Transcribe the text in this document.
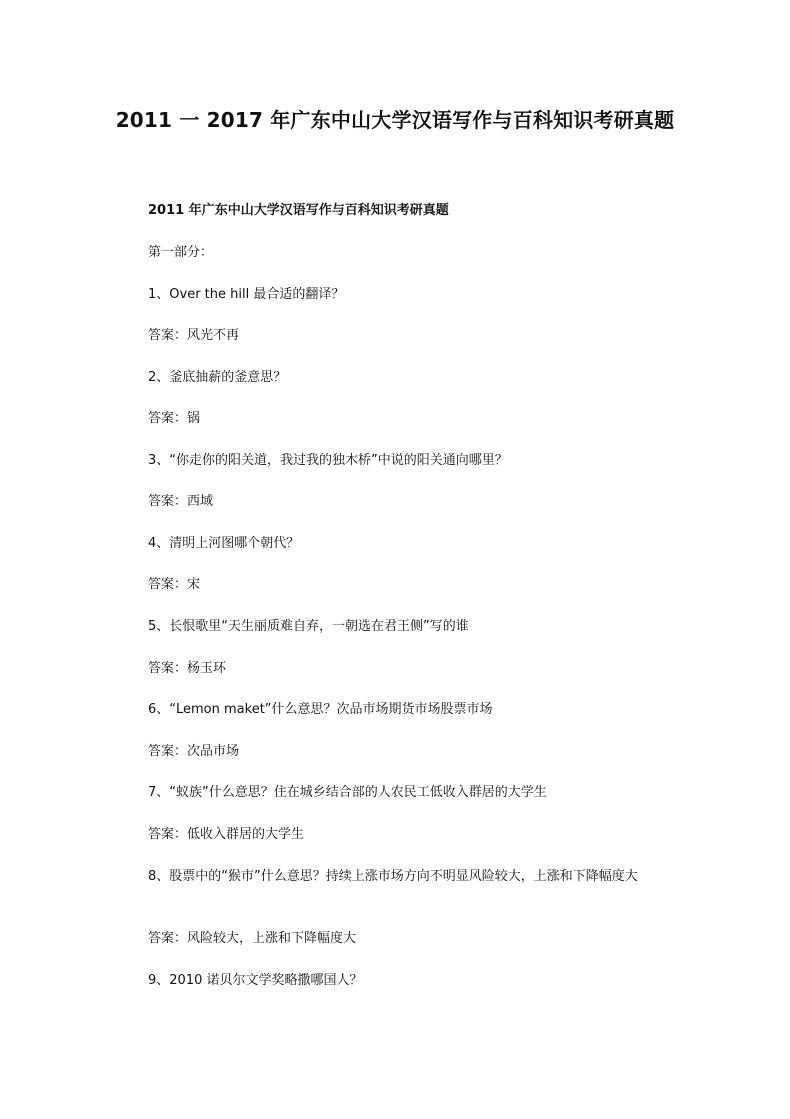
2011 一 2017 年广东中山大学汉语写作与百科知识考研真题
2011 年广东中山大学汉语写作与百科知识考研真题
第一部分：
1、Over the hill 最合适的翻译？
答案：风光不再
2、釜底抽薪的釜意思？
答案：锅
3、“你走你的阳关道，我过我的独木桥”中说的阳关通向哪里？
答案：西域
4、清明上河图哪个朝代？
答案：宋
5、长恨歌里“天生丽质难自弃，一朝选在君王侧”写的谁
答案：杨玉环
6、“Lemon maket”什么意思？次品市场期货市场股票市场
答案：次品市场
7、“蚁族”什么意思？住在城乡结合部的人农民工低收入群居的大学生
答案：低收入群居的大学生
8、股票中的“猴市”什么意思？持续上涨市场方向不明显风险较大，上涨和下降幅度大
答案：风险较大，上涨和下降幅度大
9、2010 诺贝尔文学奖略撒哪国人？
